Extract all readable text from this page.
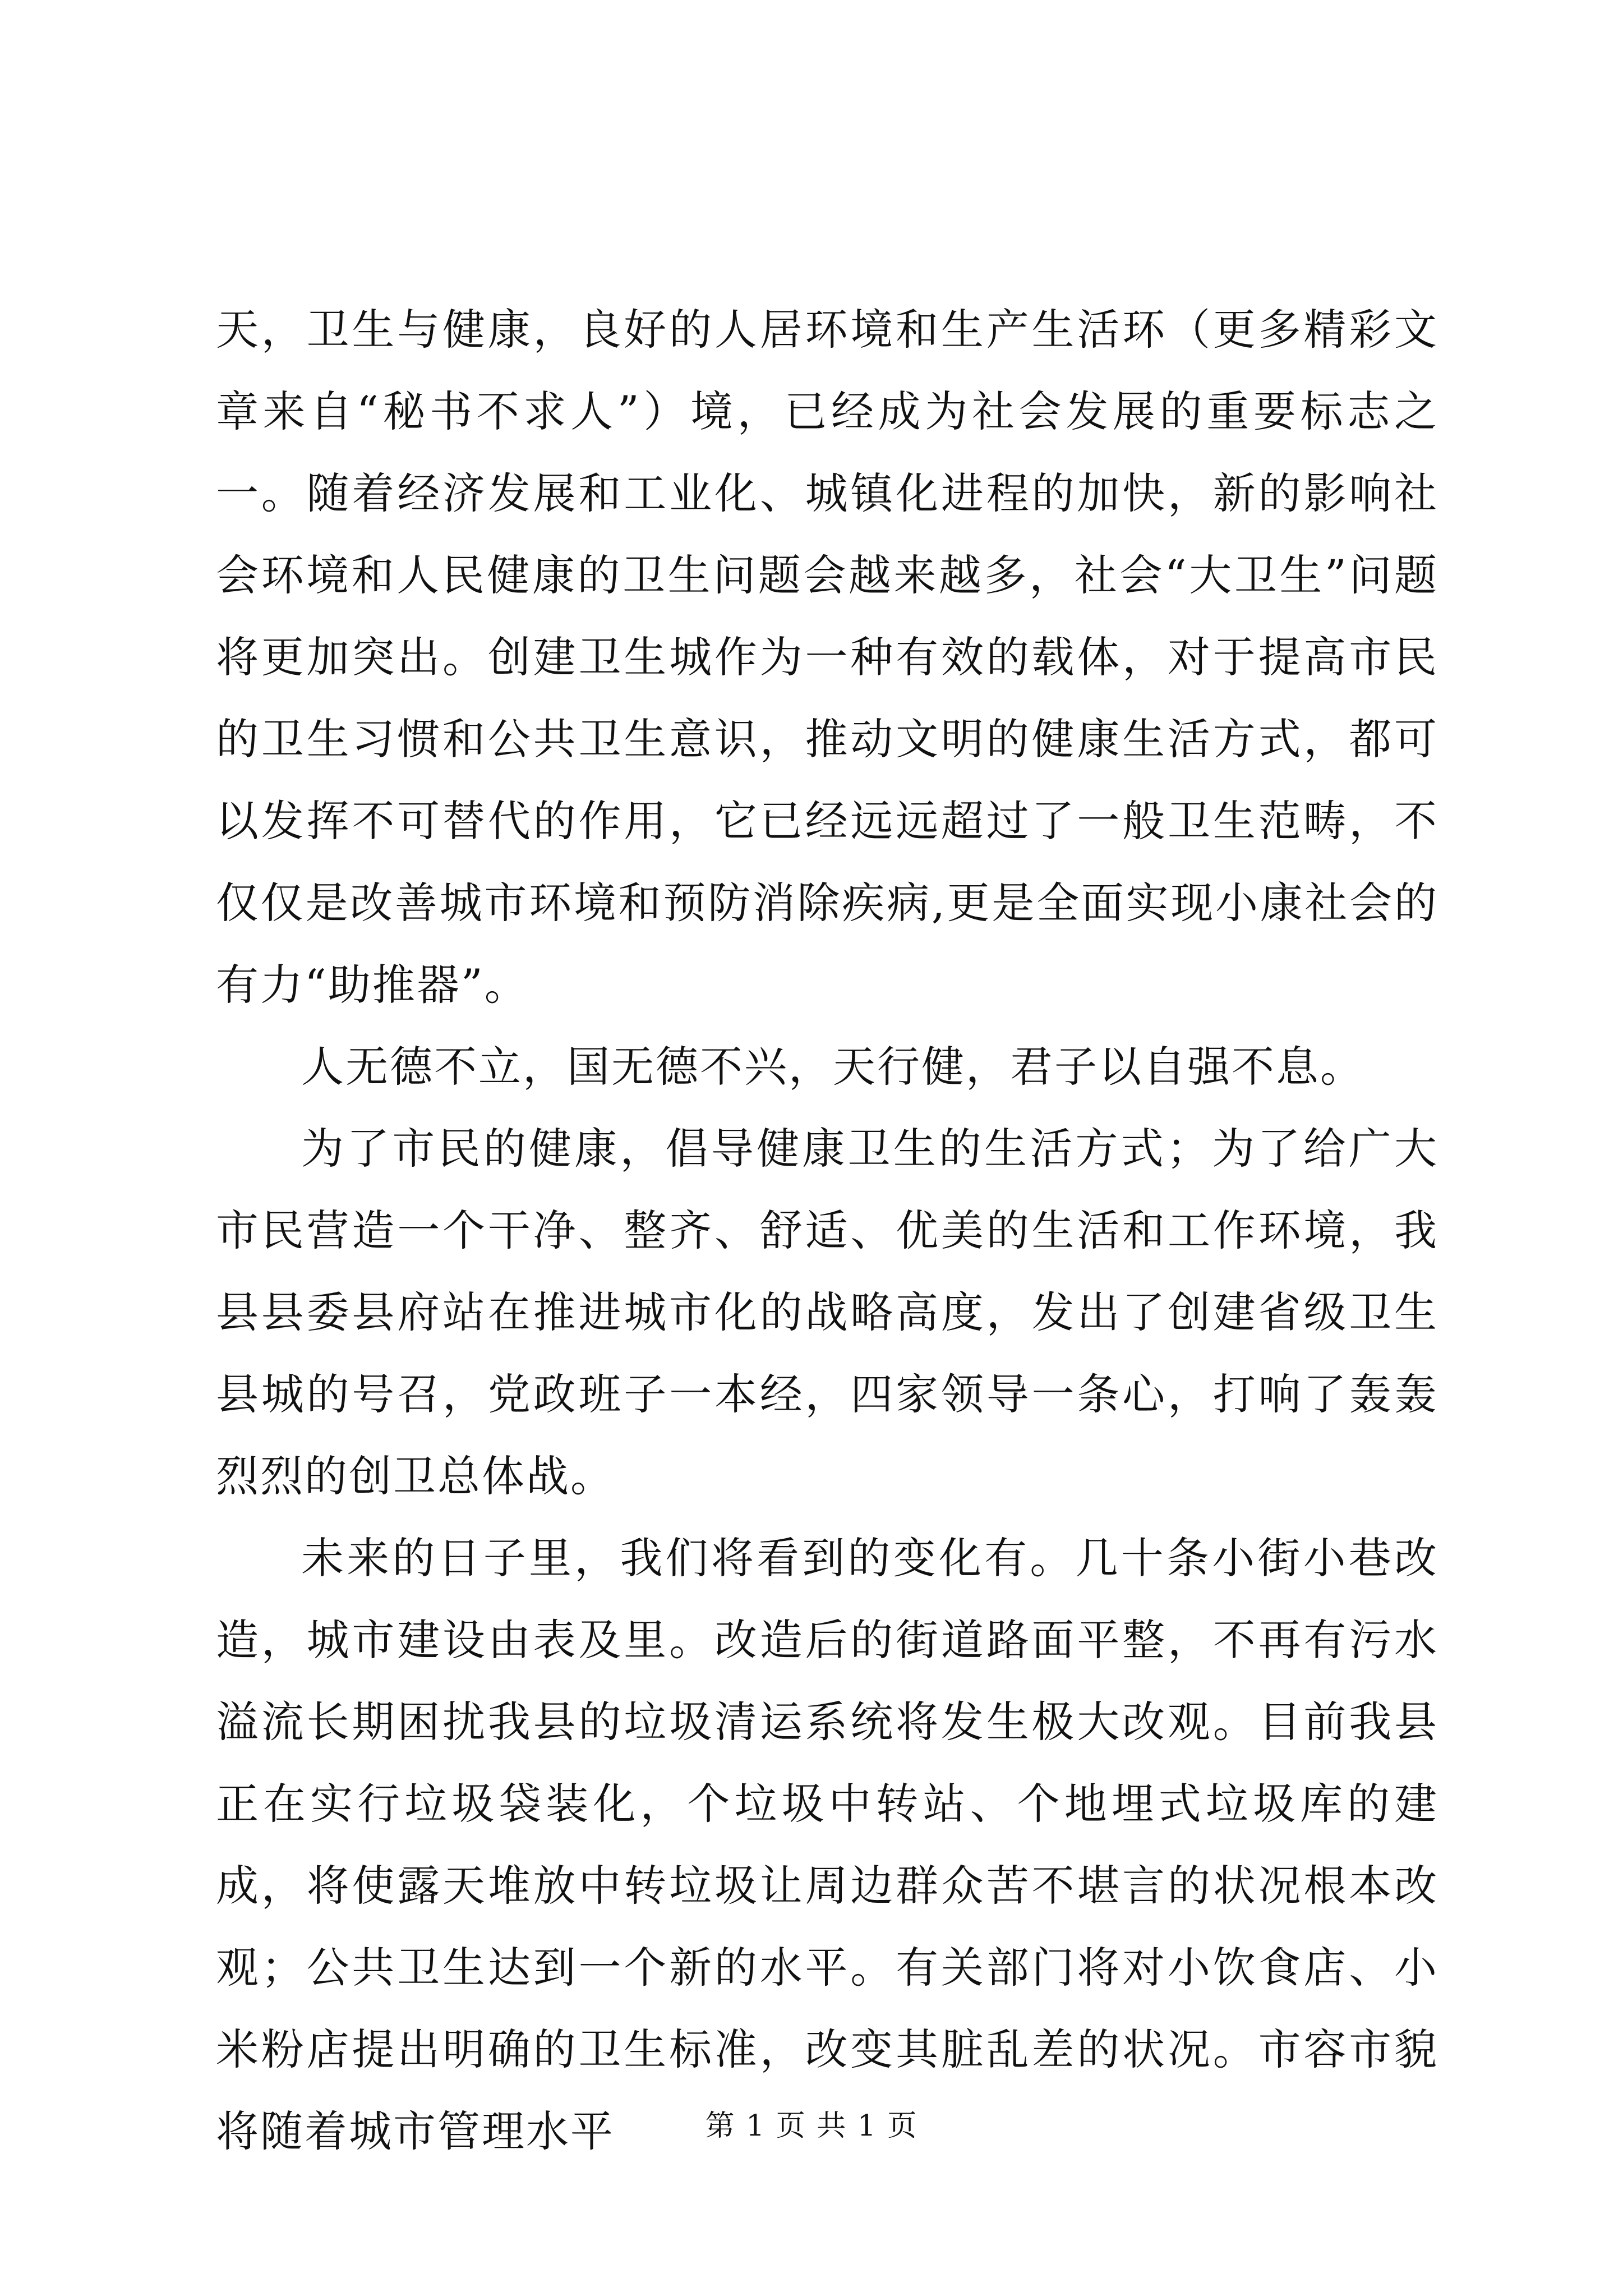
天，卫生与健康，良好的人居环境和生产生活环（更多精彩文章来自“秘书不求人”）境，已经成为社会发展的重要标志之一。随着经济发展和工业化、城镇化进程的加快，新的影响社会环境和人民健康的卫生问题会越来越多，社会“大卫生”问题将更加突出。创建卫生城作为一种有效的载体，对于提高市民的卫生习惯和公共卫生意识，推动文明的健康生活方式，都可以发挥不可替代的作用，它已经远远超过了一般卫生范畴，不仅仅是改善城市环境和预防消除疾病,更是全面实现小康社会的有力“助推器”。

人无德不立，国无德不兴，天行健，君子以自强不息。

为了市民的健康，倡导健康卫生的生活方式；为了给广大市民营造一个干净、整齐、舒适、优美的生活和工作环境，我县县委县府站在推进城市化的战略高度，发出了创建省级卫生县城的号召，党政班子一本经，四家领导一条心，打响了轰轰烈烈的创卫总体战。

未来的日子里，我们将看到的变化有。几十条小街小巷改造，城市建设由表及里。改造后的街道路面平整，不再有污水溢流长期困扰我县的垃圾清运系统将发生极大改观。目前我县正在实行垃圾袋装化，个垃圾中转站、个地埋式垃圾库的建成，将使露天堆放中转垃圾让周边群众苦不堪言的状况根本改观；公共卫生达到一个新的水平。有关部门将对小饮食店、小米粉店提出明确的卫生标准，改变其脏乱差的状况。市容市貌将随着城市管理水平	第 1 页 共 1 页
